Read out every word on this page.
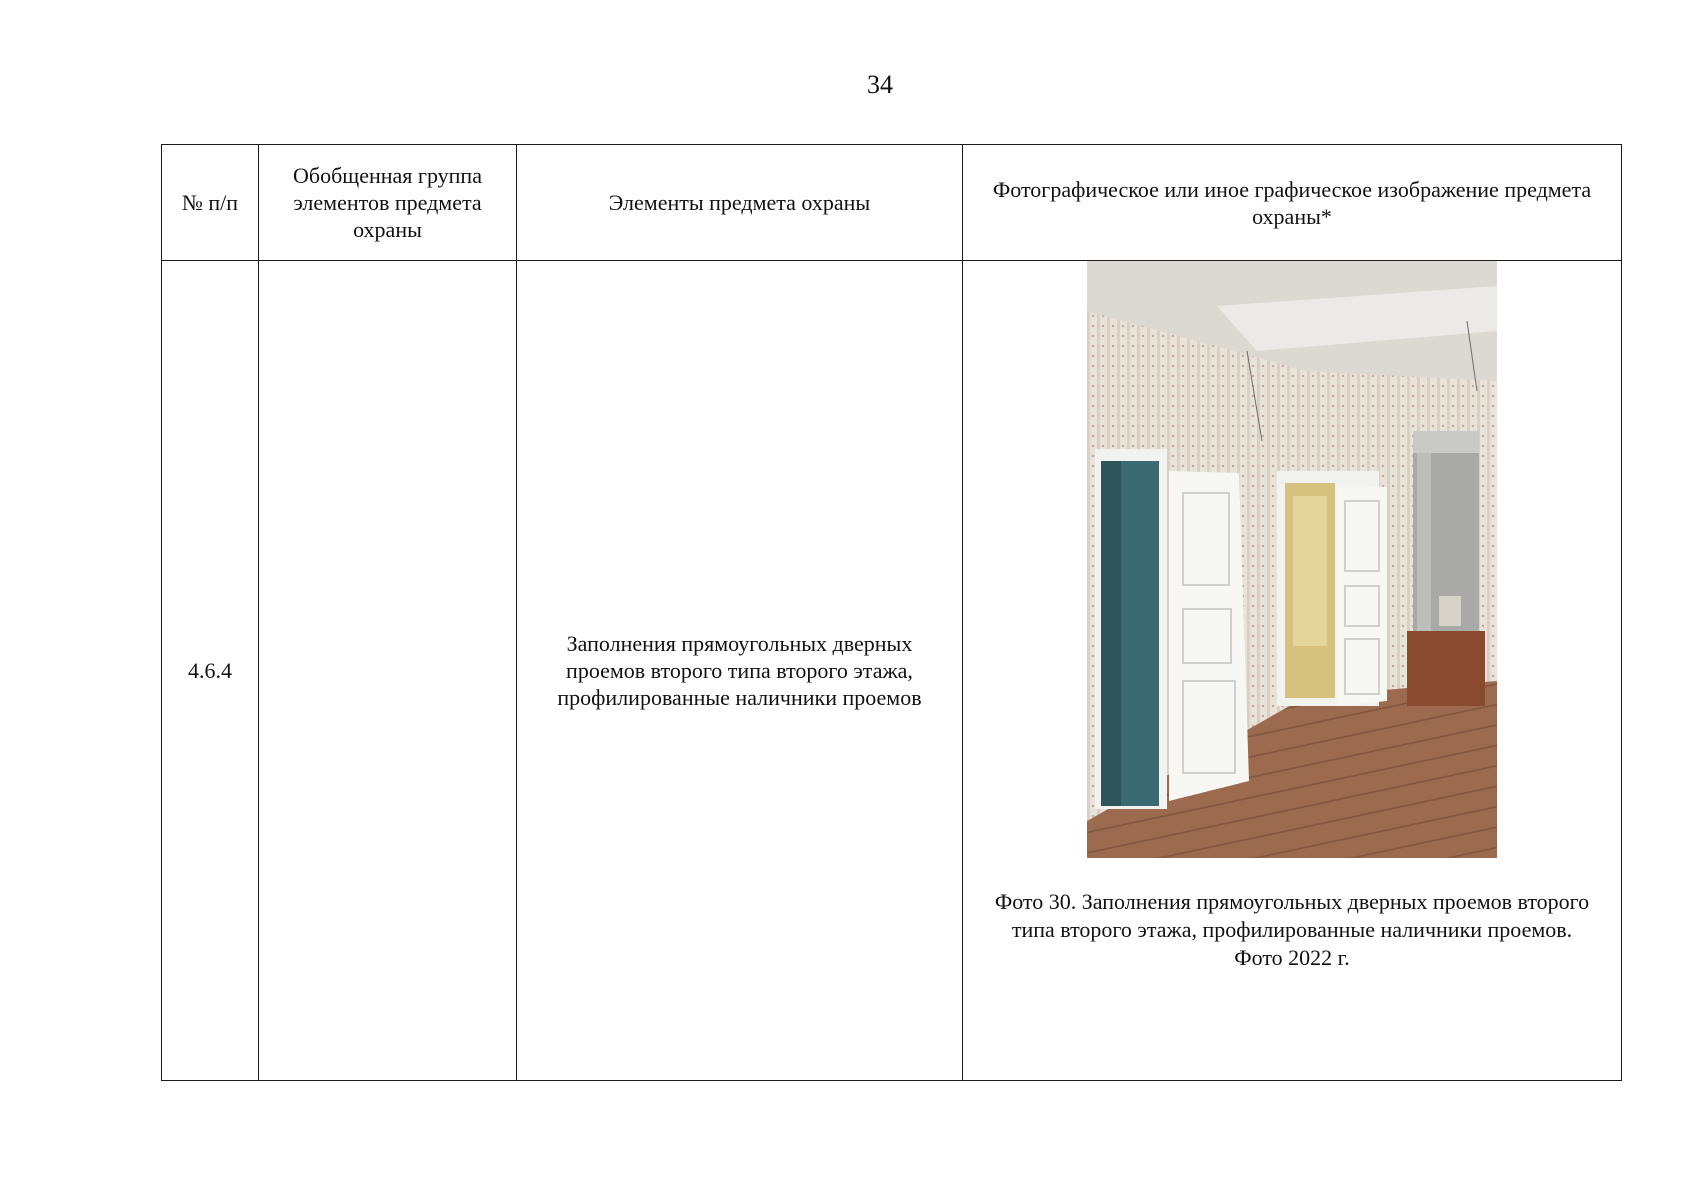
34
№ п/п	Обобщенная группа элементов предмета охраны	Элементы предмета охраны	Фотографическое или иное графическое изображение предмета охраны*
4.6.4		Заполнения прямоугольных дверных проемов второго типа второго этажа, профилированные наличники проемов	Фото 30. Заполнения прямоугольных дверных проемов второго типа второго этажа, профилированные наличники проемов.
Фото 2022 г.
